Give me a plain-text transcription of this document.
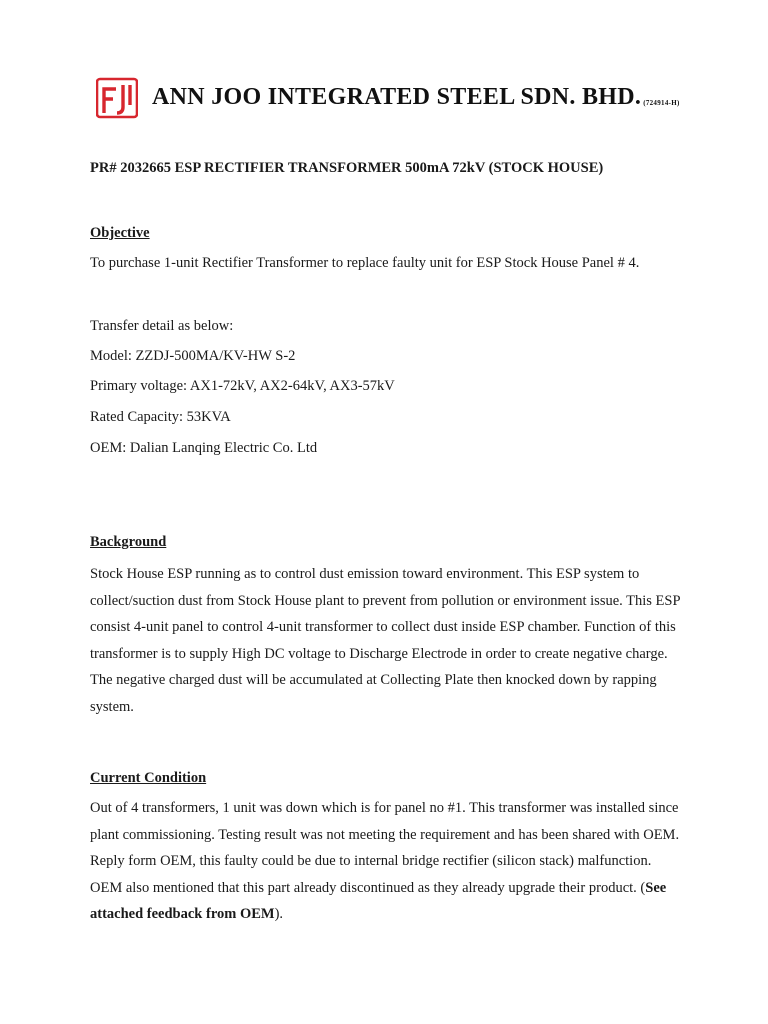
ANN JOO INTEGRATED STEEL SDN. BHD. (724914-H)

PR# 2032665 ESP RECTIFIER TRANSFORMER 500mA 72kV (STOCK HOUSE)

Objective

To purchase 1-unit Rectifier Transformer to replace faulty unit for ESP Stock House Panel # 4.

Transfer detail as below:

Model: ZZDJ-500MA/KV-HW S-2

Primary voltage: AX1-72kV, AX2-64kV, AX3-57kV

Rated Capacity: 53KVA

OEM: Dalian Lanqing Electric Co. Ltd

Background

Stock House ESP running as to control dust emission toward environment. This ESP system to collect/suction dust from Stock House plant to prevent from pollution or environment issue. This ESP consist 4-unit panel to control 4-unit transformer to collect dust inside ESP chamber. Function of this transformer is to supply High DC voltage to Discharge Electrode in order to create negative charge. The negative charged dust will be accumulated at Collecting Plate then knocked down by rapping system.

Current Condition

Out of 4 transformers, 1 unit was down which is for panel no #1. This transformer was installed since plant commissioning. Testing result was not meeting the requirement and has been shared with OEM. Reply form OEM, this faulty could be due to internal bridge rectifier (silicon stack) malfunction. OEM also mentioned that this part already discontinued as they already upgrade their product. (See attached feedback from OEM).
